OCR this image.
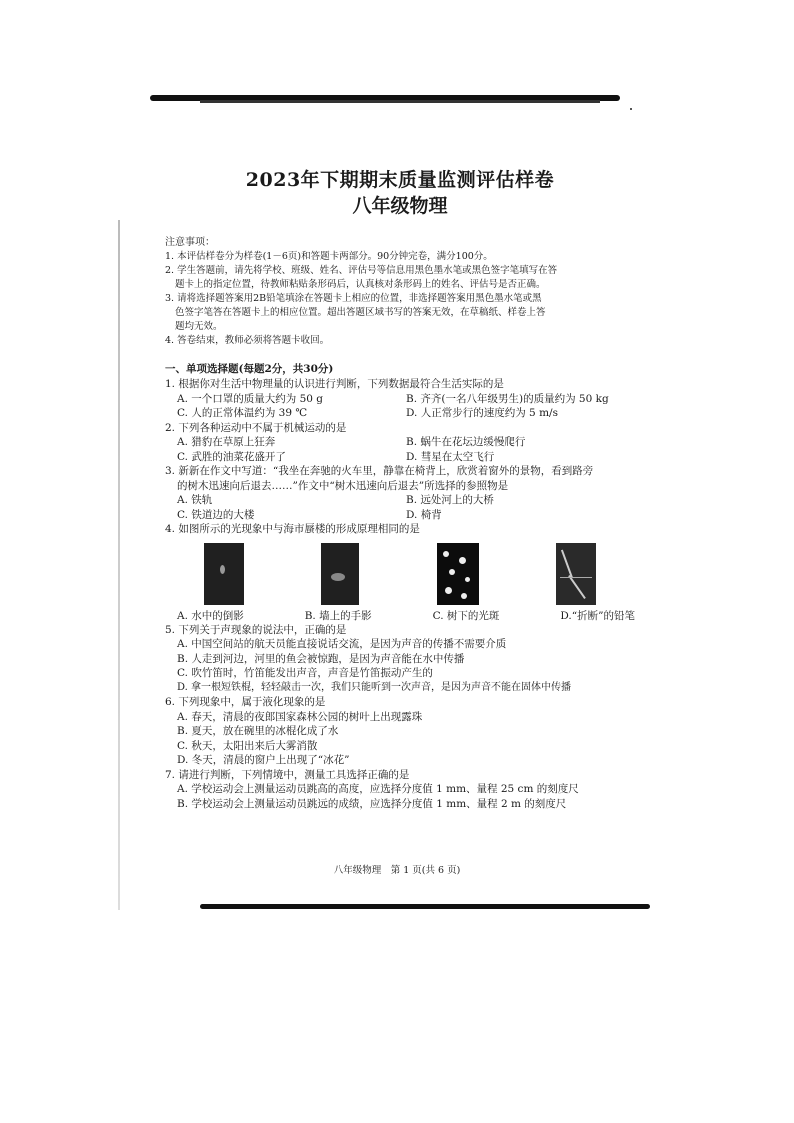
2023年下期期末质量监测评估样卷
八年级物理
注意事项：
1. 本评估样卷分为样卷(1－6页)和答题卡两部分。90分钟完卷，满分100分。
2. 学生答题前，请先将学校、班级、姓名、评估号等信息用黑色墨水笔或黑色签字笔填写在答
题卡上的指定位置，待教师粘贴条形码后，认真核对条形码上的姓名、评估号是否正确。
3. 请将选择题答案用2B铅笔填涂在答题卡上相应的位置，非选择题答案用黑色墨水笔或黑
色签字笔答在答题卡上的相应位置。超出答题区域书写的答案无效，在草稿纸、样卷上答
题均无效。
4. 答卷结束，教师必须将答题卡收回。
一、单项选择题(每题2分，共30分)
1. 根据你对生活中物理量的认识进行判断，下列数据最符合生活实际的是
A. 一个口罩的质量大约为 50 g	B. 齐齐(一名八年级男生)的质量约为 50 kg
C. 人的正常体温约为 39 ℃	D. 人正常步行的速度约为 5 m/s
2. 下列各种运动中不属于机械运动的是
A. 猎豹在草原上狂奔	B. 蜗牛在花坛边缓慢爬行
C. 武胜的油菜花盛开了	D. 彗星在太空飞行
3. 新新在作文中写道：“我坐在奔驰的火车里，静靠在椅背上，欣赏着窗外的景物，看到路旁
的树木迅速向后退去……”作文中“树木迅速向后退去”所选择的参照物是
A. 铁轨	B. 远处河上的大桥
C. 铁道边的大楼	D. 椅背
4. 如图所示的光现象中与海市蜃楼的形成原理相同的是
A. 水中的倒影	B. 墙上的手影	C. 树下的光斑	D.“折断”的铅笔
5. 下列关于声现象的说法中，正确的是
A. 中国空间站的航天员能直接说话交流，是因为声音的传播不需要介质
B. 人走到河边，河里的鱼会被惊跑，是因为声音能在水中传播
C. 吹竹笛时，竹笛能发出声音，声音是竹笛振动产生的
D. 拿一根短铁棍，轻轻敲击一次，我们只能听到一次声音，是因为声音不能在固体中传播
6. 下列现象中，属于液化现象的是
A. 春天，清晨的夜郎国家森林公园的树叶上出现露珠
B. 夏天，放在碗里的冰棍化成了水
C. 秋天，太阳出来后大雾消散
D. 冬天，清晨的窗户上出现了“冰花”
7. 请进行判断，下列情境中，测量工具选择正确的是
A. 学校运动会上测量运动员跳高的高度，应选择分度值 1 mm、量程 25 cm 的刻度尺
B. 学校运动会上测量运动员跳远的成绩，应选择分度值 1 mm、量程 2 m 的刻度尺
八年级物理　第 1 页(共 6 页)
